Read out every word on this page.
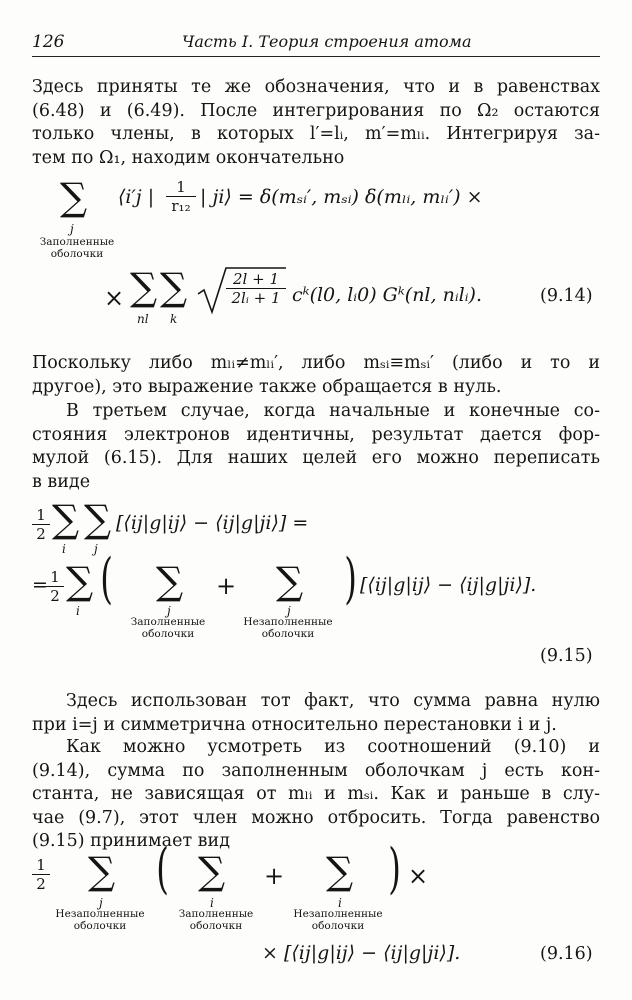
126	Часть I. Теория строения атома
Здесь приняты те же обозначения, что и в равенствах
(6.48) и (6.49). После интегрирования по Ω₂ остаются
только члены, в которых l′=lᵢ, m′=mₗᵢ. Интегрируя за-
тем по Ω₁, находим окончательно
∑
j
Заполненные
оболочки
⟨i′j | $\frac{1}{\text{r₁₂}}$ | ji⟩ = δ(mₛᵢ′, mₛᵢ) δ(mₗᵢ, mₗᵢ′) ×
× ∑
nl
∑
k
$\frac{2l + 1}{\text{2lᵢ + 1}}$ cᵏ(l0, lᵢ0) Gᵏ(nl, nᵢlᵢ).	(9.14)
Поскольку либо mₗᵢ≠mₗᵢ′, либо mₛᵢ≡mₛᵢ′ (либо и то и
другое), это выражение также обращается в нуль.
В третьем случае, когда начальные и конечные со-
стояния электронов идентичны, результат дается фор-
мулой (6.15). Для наших целей его можно переписать
в виде
$\frac{1}{2}$ ∑
i
∑
j
[⟨ij|g|ij⟩ − ⟨ij|g|ji⟩] =
=
$\frac{1}{2}$ ∑
i
( ∑
j
Заполненные
оболочки
+ ∑
j
Незаполненные
оболочки
) [⟨ij|g|ij⟩ − ⟨ij|g|ji⟩].
(9.15)
Здесь использован тот факт, что сумма равна нулю
при i=j и симметрична относительно перестановки i и j.
Как можно усмотреть из соотношений (9.10) и
(9.14), сумма по заполненным оболочкам j есть кон-
станта, не зависящая от mₗᵢ и mₛᵢ. Как и раньше в слу-
чае (9.7), этот член можно отбросить. Тогда равенство
(9.15) принимает вид
$\frac{1}{2}$ ∑
j
Незаполненные
оболочки
( ∑
i
Заполненные
оболочкн
+ ∑
i
Незаполненные
оболочки
) ×
× [⟨ij|g|ij⟩ − ⟨ij|g|ji⟩].	(9.16)
